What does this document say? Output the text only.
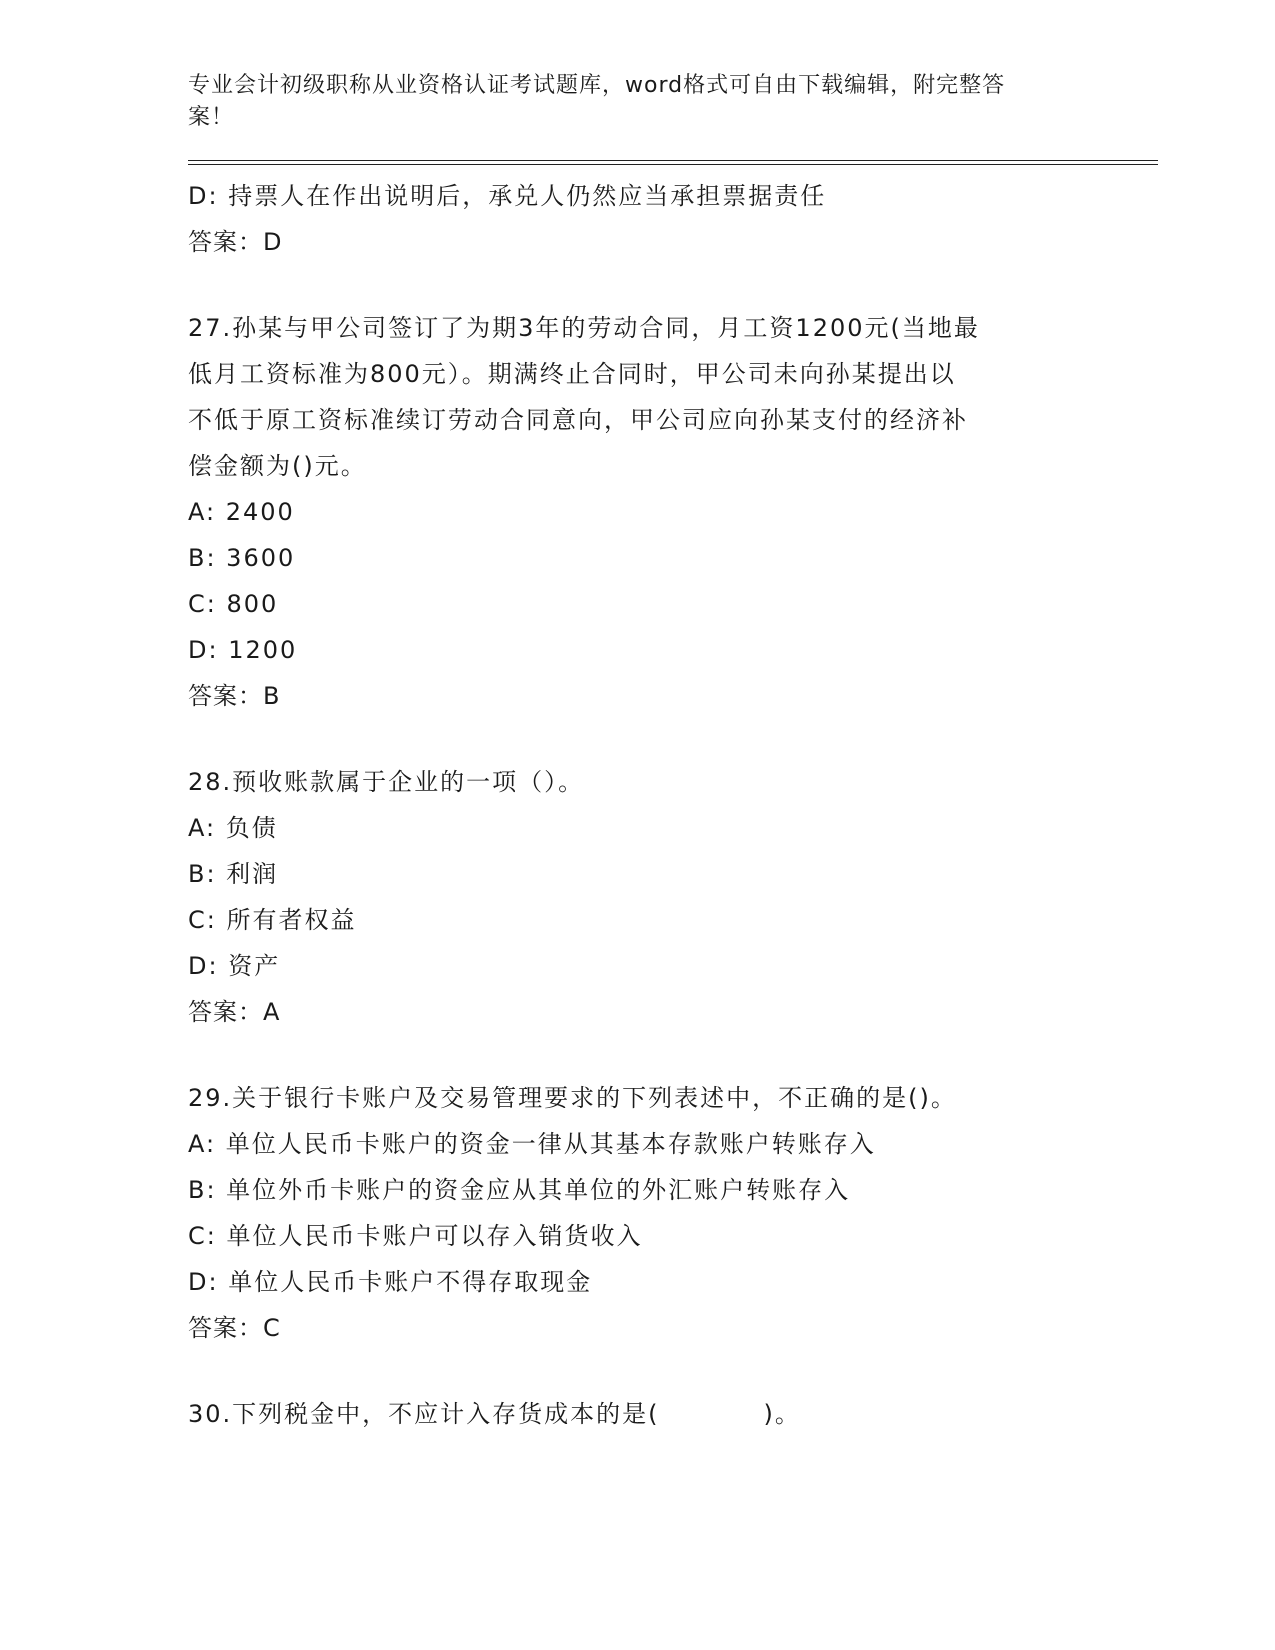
专业会计初级职称从业资格认证考试题库，word格式可自由下载编辑，附完整答
案！

D: 持票人在作出说明后，承兑人仍然应当承担票据责任

答案：D

27.孙某与甲公司签订了为期3年的劳动合同，月工资1200元(当地最
低月工资标准为800元）。期满终止合同时，甲公司未向孙某提出以
不低于原工资标准续订劳动合同意向，甲公司应向孙某支付的经济补
偿金额为()元。

A: 2400

B: 3600

C: 800

D: 1200

答案：B

28.预收账款属于企业的一项（）。

A: 负债

B: 利润

C: 所有者权益

D: 资产

答案：A

29.关于银行卡账户及交易管理要求的下列表述中，不正确的是()。

A: 单位人民币卡账户的资金一律从其基本存款账户转账存入

B: 单位外币卡账户的资金应从其单位的外汇账户转账存入

C: 单位人民币卡账户可以存入销货收入

D: 单位人民币卡账户不得存取现金

答案：C

30.下列税金中，不应计入存货成本的是(　　　　)。
